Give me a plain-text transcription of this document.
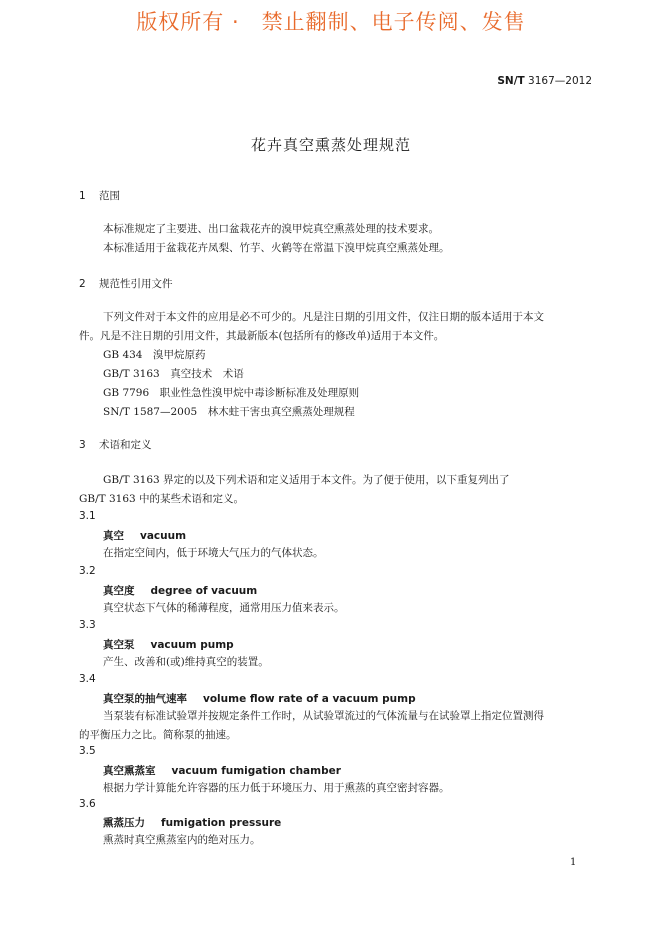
版权所有 ·　禁止翻制、电子传阅、发售
SN/T 3167—2012
花卉真空熏蒸处理规范
1 范围
本标准规定了主要进、出口盆栽花卉的溴甲烷真空熏蒸处理的技术要求。
本标准适用于盆栽花卉凤梨、竹芋、火鹤等在常温下溴甲烷真空熏蒸处理。
2 规范性引用文件
下列文件对于本文件的应用是必不可少的。凡是注日期的引用文件，仅注日期的版本适用于本文
件。凡是不注日期的引用文件，其最新版本(包括所有的修改单)适用于本文件。
GB 434　溴甲烷原药
GB/T 3163　真空技术　术语
GB 7796　职业性急性溴甲烷中毒诊断标准及处理原则
SN/T 1587—2005　林木蛀干害虫真空熏蒸处理规程
3 术语和定义
GB/T 3163 界定的以及下列术语和定义适用于本文件。为了便于使用，以下重复列出了
GB/T 3163 中的某些术语和定义。
3.1
真空 vacuum
在指定空间内，低于环境大气压力的气体状态。
3.2
真空度 degree of vacuum
真空状态下气体的稀薄程度，通常用压力值来表示。
3.3
真空泵 vacuum pump
产生、改善和(或)维持真空的装置。
3.4
真空泵的抽气速率 volume flow rate of a vacuum pump
当泵装有标准试验罩并按规定条件工作时，从试验罩流过的气体流量与在试验罩上指定位置测得
的平衡压力之比。简称泵的抽速。
3.5
真空熏蒸室 vacuum fumigation chamber
根据力学计算能允许容器的压力低于环境压力、用于熏蒸的真空密封容器。
3.6
熏蒸压力 fumigation pressure
熏蒸时真空熏蒸室内的绝对压力。
1
